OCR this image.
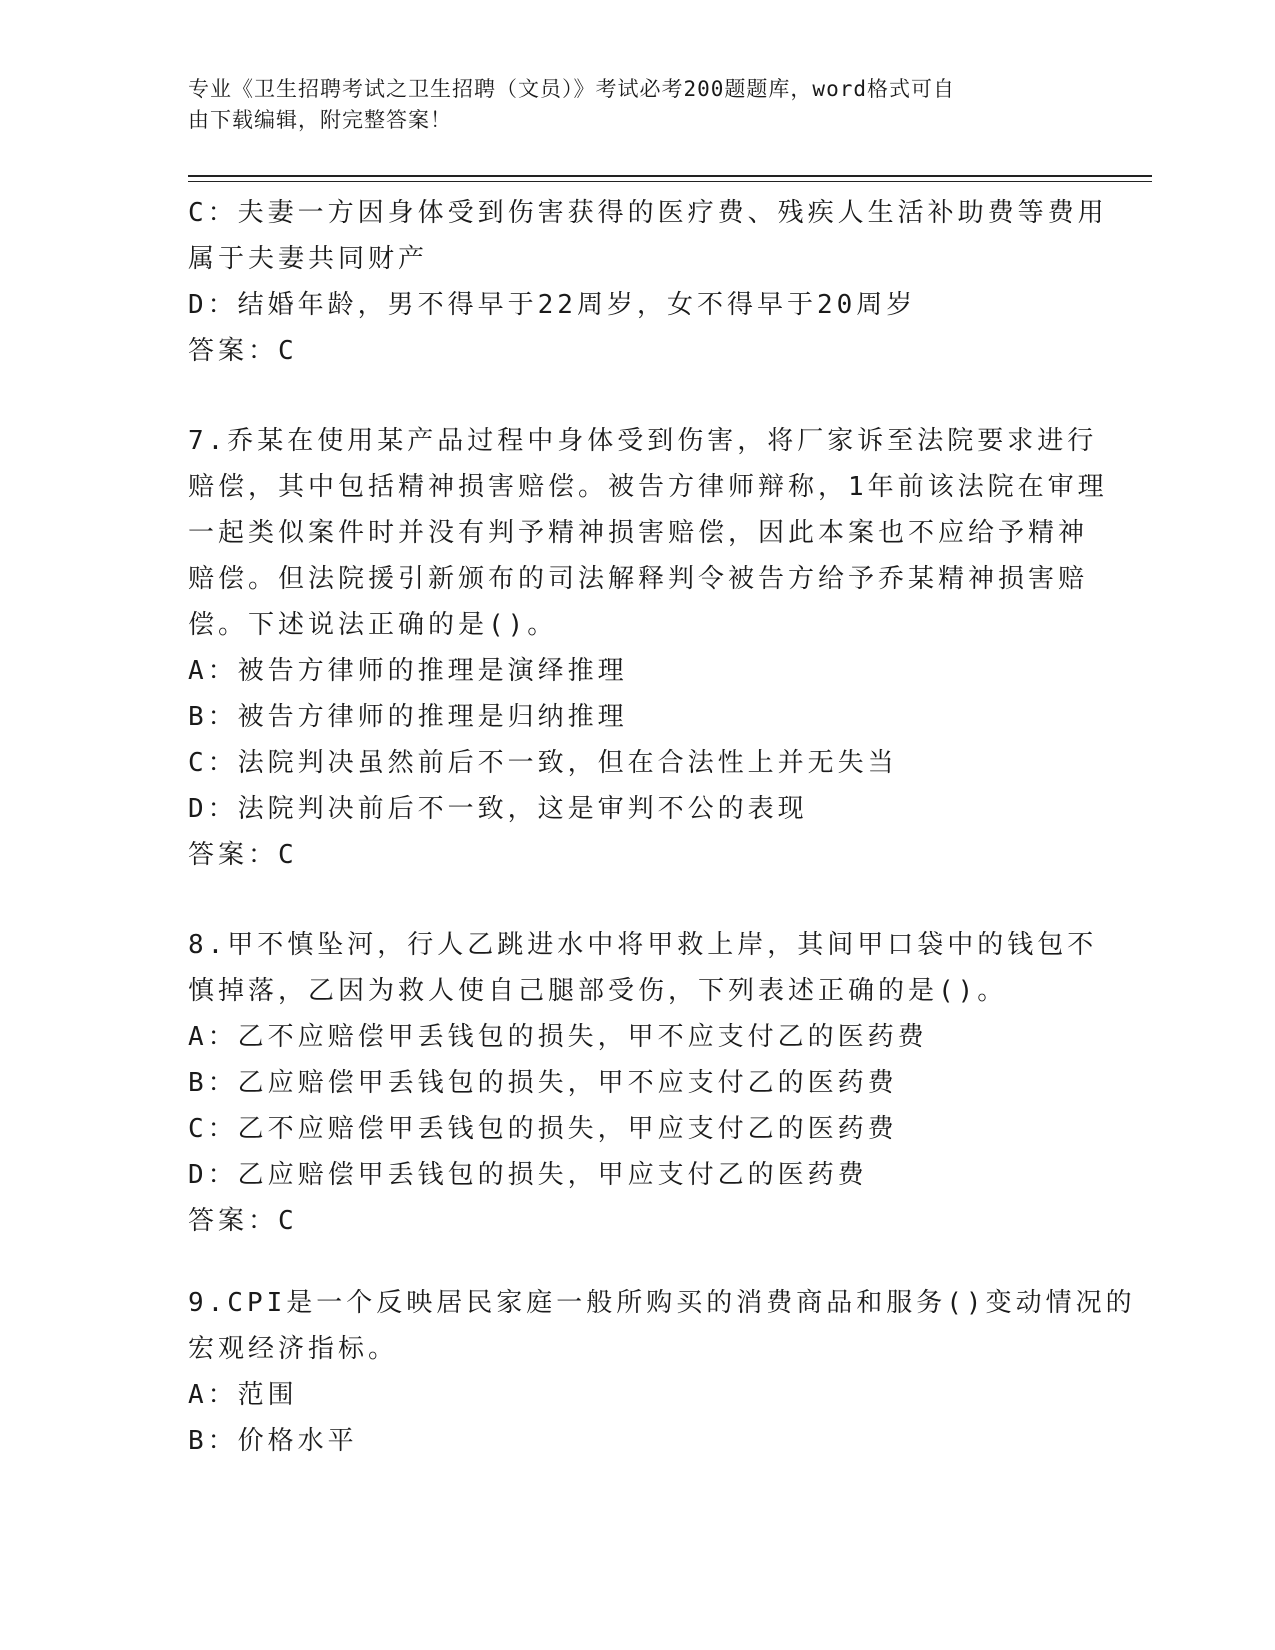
专业《卫生招聘考试之卫生招聘（文员）》考试必考200题题库，word格式可自
由下载编辑，附完整答案！
C：夫妻一方因身体受到伤害获得的医疗费、残疾人生活补助费等费用
属于夫妻共同财产
D：结婚年龄，男不得早于22周岁，女不得早于20周岁
答案：C
7.乔某在使用某产品过程中身体受到伤害，将厂家诉至法院要求进行
赔偿，其中包括精神损害赔偿。被告方律师辩称，1年前该法院在审理
一起类似案件时并没有判予精神损害赔偿，因此本案也不应给予精神
赔偿。但法院援引新颁布的司法解释判令被告方给予乔某精神损害赔
偿。下述说法正确的是()。
A：被告方律师的推理是演绎推理
B：被告方律师的推理是归纳推理
C：法院判决虽然前后不一致，但在合法性上并无失当
D：法院判决前后不一致，这是审判不公的表现
答案：C
8.甲不慎坠河，行人乙跳进水中将甲救上岸，其间甲口袋中的钱包不
慎掉落，乙因为救人使自己腿部受伤，下列表述正确的是()。
A：乙不应赔偿甲丢钱包的损失，甲不应支付乙的医药费
B：乙应赔偿甲丢钱包的损失，甲不应支付乙的医药费
C：乙不应赔偿甲丢钱包的损失，甲应支付乙的医药费
D：乙应赔偿甲丢钱包的损失，甲应支付乙的医药费
答案：C
9.CPI是一个反映居民家庭一般所购买的消费商品和服务()变动情况的
宏观经济指标。
A：范围
B：价格水平
